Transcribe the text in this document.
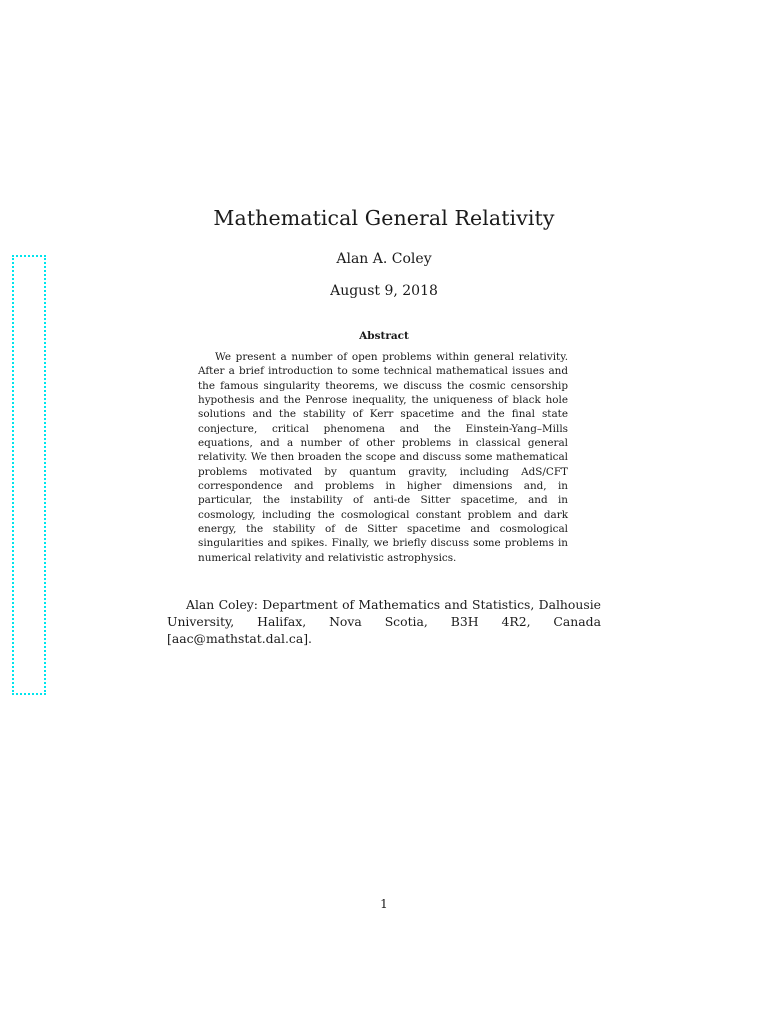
Mathematical General Relativity
Alan A. Coley
August 9, 2018
Abstract

We present a number of open problems within general relativity. After a brief introduction to some technical mathematical issues and the famous singularity theorems, we discuss the cosmic censorship hypothesis and the Penrose inequality, the uniqueness of black hole solutions and the stability of Kerr spacetime and the final state conjecture, critical phenomena and the Einstein-Yang–Mills equations, and a number of other problems in classical general relativity. We then broaden the scope and discuss some mathematical problems motivated by quantum gravity, including AdS/CFT correspondence and problems in higher dimensions and, in particular, the instability of anti-de Sitter spacetime, and in cosmology, including the cosmological constant problem and dark energy, the stability of de Sitter spacetime and cosmological singularities and spikes. Finally, we briefly discuss some problems in numerical relativity and relativistic astrophysics.

Alan Coley: Department of Mathematics and Statistics, Dalhousie University, Halifax, Nova Scotia, B3H 4R2, Canada [aac@mathstat.dal.ca].

1
